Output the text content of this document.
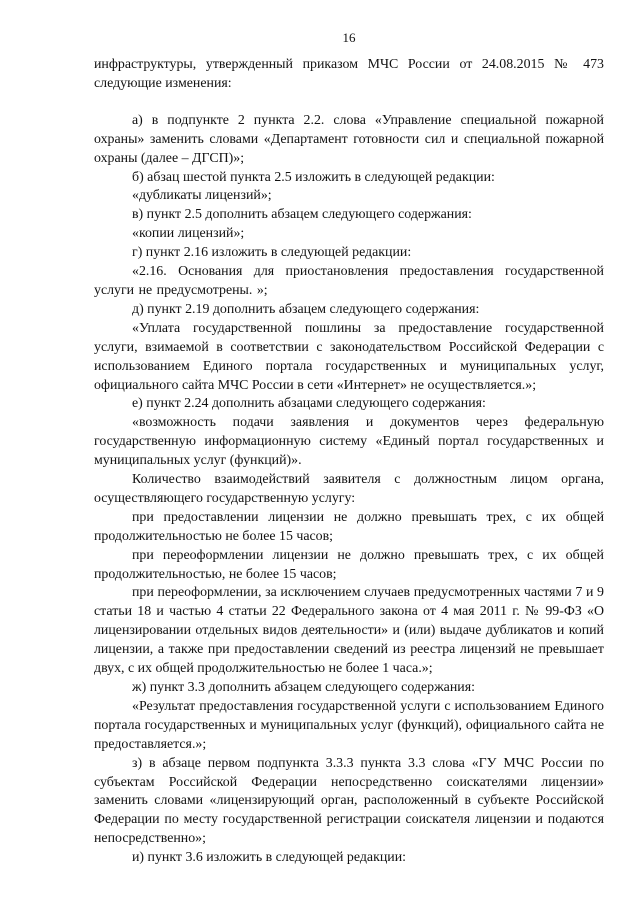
16

инфраструктуры, утвержденный приказом МЧС России от 24.08.2015 № 473 следующие изменения:

а) в подпункте 2 пункта 2.2. слова «Управление специальной пожарной охраны» заменить словами «Департамент готовности сил и специальной пожарной охраны (далее – ДГСП)»;

б) абзац шестой пункта 2.5 изложить в следующей редакции:

«дубликаты лицензий»;

в) пункт 2.5 дополнить абзацем следующего содержания:

«копии лицензий»;

г) пункт 2.16 изложить в следующей редакции:

«2.16. Основания для приостановления предоставления государственной услуги не предусмотрены. »;

д) пункт 2.19 дополнить абзацем следующего содержания:

«Уплата государственной пошлины за предоставление государственной услуги, взимаемой в соответствии с законодательством Российской Федерации с использованием Единого портала государственных и муниципальных услуг, официального сайта МЧС России в сети «Интернет» не осуществляется.»;

е) пункт 2.24 дополнить абзацами следующего содержания:

«возможность подачи заявления и документов через федеральную государственную информационную систему «Единый портал государственных и муниципальных услуг (функций)».

Количество взаимодействий заявителя с должностным лицом органа, осуществляющего государственную услугу:

при предоставлении лицензии не должно превышать трех, с их общей продолжительностью не более 15 часов;

при переоформлении лицензии не должно превышать трех, с их общей продолжительностью, не более 15 часов;

при переоформлении, за исключением случаев предусмотренных частями 7 и 9 статьи 18 и частью 4 статьи 22 Федерального закона от 4 мая 2011 г. № 99-ФЗ «О лицензировании отдельных видов деятельности» и (или) выдаче дубликатов и копий лицензии, а также при предоставлении сведений из реестра лицензий не превышает двух, с их общей продолжительностью не более 1 часа.»;

ж) пункт 3.3 дополнить абзацем следующего содержания:

«Результат предоставления государственной услуги с использованием Единого портала государственных и муниципальных услуг (функций), официального сайта не предоставляется.»;

з) в абзаце первом подпункта 3.3.3 пункта 3.3 слова «ГУ МЧС России по субъектам Российской Федерации непосредственно соискателями лицензии» заменить словами «лицензирующий орган, расположенный в субъекте Российской Федерации по месту государственной регистрации соискателя лицензии и подаются непосредственно»;

и) пункт 3.6 изложить в следующей редакции:
